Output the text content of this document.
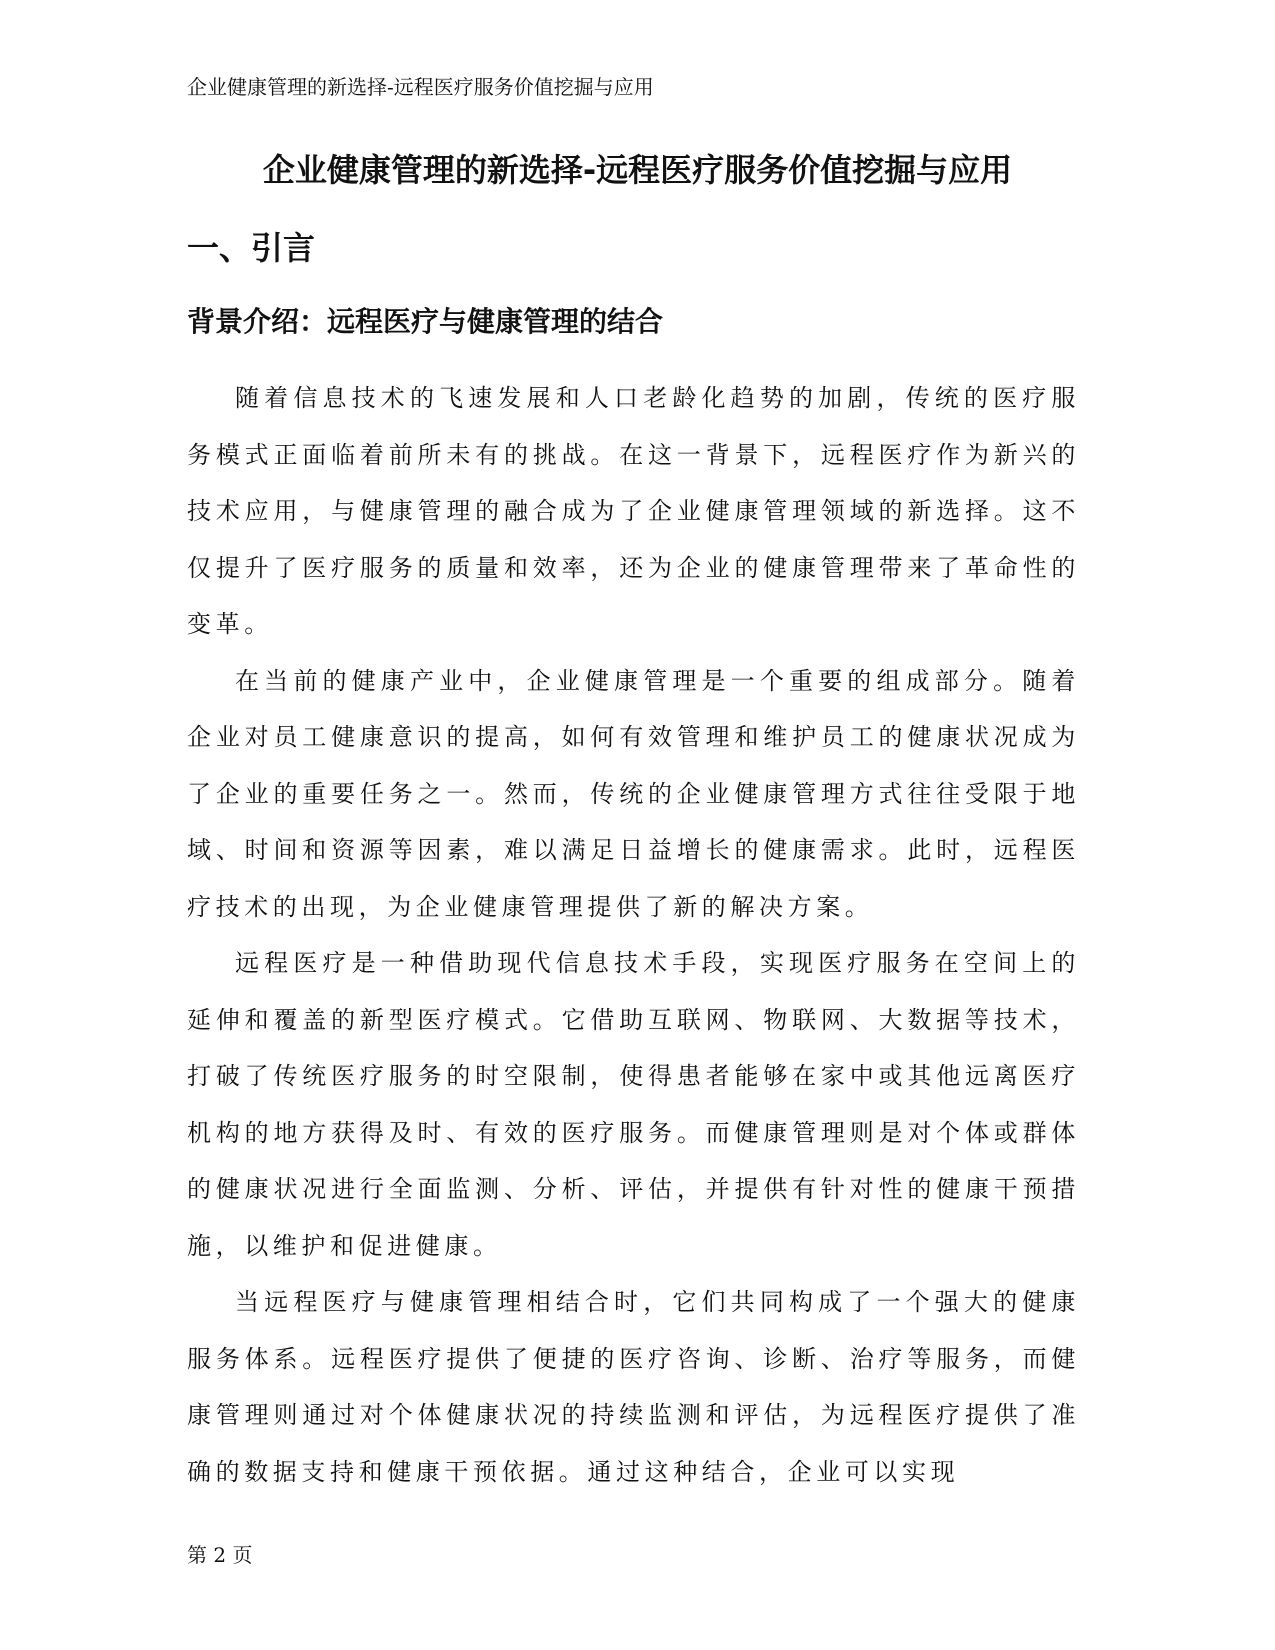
企业健康管理的新选择-远程医疗服务价值挖掘与应用
企业健康管理的新选择-远程医疗服务价值挖掘与应用
一、引言
背景介绍：远程医疗与健康管理的结合

随着信息技术的飞速发展和人口老龄化趋势的加剧，传统的医疗服务模式正面临着前所未有的挑战。在这一背景下，远程医疗作为新兴的技术应用，与健康管理的融合成为了企业健康管理领域的新选择。这不仅提升了医疗服务的质量和效率，还为企业的健康管理带来了革命性的变革。

在当前的健康产业中，企业健康管理是一个重要的组成部分。随着企业对员工健康意识的提高，如何有效管理和维护员工的健康状况成为了企业的重要任务之一。然而，传统的企业健康管理方式往往受限于地域、时间和资源等因素，难以满足日益增长的健康需求。此时，远程医疗技术的出现，为企业健康管理提供了新的解决方案。

远程医疗是一种借助现代信息技术手段，实现医疗服务在空间上的延伸和覆盖的新型医疗模式。它借助互联网、物联网、大数据等技术，打破了传统医疗服务的时空限制，使得患者能够在家中或其他远离医疗机构的地方获得及时、有效的医疗服务。而健康管理则是对个体或群体的健康状况进行全面监测、分析、评估，并提供有针对性的健康干预措施，以维护和促进健康。

当远程医疗与健康管理相结合时，它们共同构成了一个强大的健康服务体系。远程医疗提供了便捷的医疗咨询、诊断、治疗等服务，而健康管理则通过对个体健康状况的持续监测和评估，为远程医疗提供了准确的数据支持和健康干预依据。通过这种结合，企业可以实现

第 2 页
